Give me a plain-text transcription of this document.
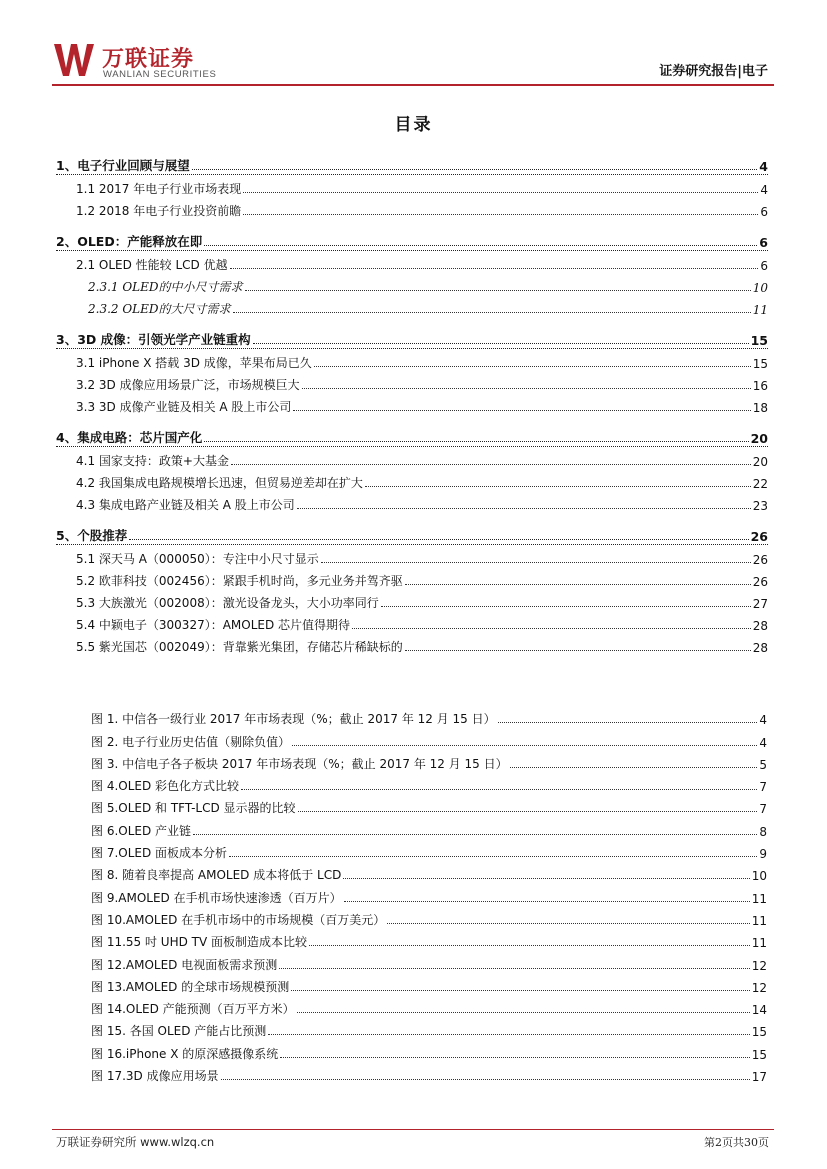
万联证券
WANLIAN SECURITIES	证券研究报告|电子
目录
1、电子行业回顾与展望	4
1.1 2017 年电子行业市场表现	4
1.2 2018 年电子行业投资前瞻	6
2、OLED：产能释放在即	6
2.1 OLED 性能较 LCD 优越	6
2.3.1 OLED的中小尺寸需求	10
2.3.2 OLED的大尺寸需求	11
3、3D 成像：引领光学产业链重构	15
3.1 iPhone X 搭载 3D 成像，苹果布局已久	15
3.2 3D 成像应用场景广泛，市场规模巨大	16
3.3 3D 成像产业链及相关 A 股上市公司	18
4、集成电路：芯片国产化	20
4.1 国家支持：政策+大基金	20
4.2 我国集成电路规模增长迅速，但贸易逆差却在扩大	22
4.3 集成电路产业链及相关 A 股上市公司	23
5、个股推荐	26
5.1 深天马 A（000050）：专注中小尺寸显示	26
5.2 欧菲科技（002456）：紧跟手机时尚，多元业务并驾齐驱	26
5.3 大族激光（002008）：激光设备龙头，大小功率同行	27
5.4 中颖电子（300327）：AMOLED 芯片值得期待	28
5.5 紫光国芯（002049）：背靠紫光集团，存储芯片稀缺标的	28
图 1. 中信各一级行业 2017 年市场表现（%；截止 2017 年 12 月 15 日）	4
图 2. 电子行业历史估值（剔除负值）	4
图 3. 中信电子各子板块 2017 年市场表现（%；截止 2017 年 12 月 15 日）	5
图 4.OLED 彩色化方式比较	7
图 5.OLED 和 TFT-LCD 显示器的比较	7
图 6.OLED 产业链	8
图 7.OLED 面板成本分析	9
图 8. 随着良率提高 AMOLED 成本将低于 LCD	10
图 9.AMOLED 在手机市场快速渗透（百万片）	11
图 10.AMOLED 在手机市场中的市场规模（百万美元）	11
图 11.55 吋 UHD TV 面板制造成本比较	11
图 12.AMOLED 电视面板需求预测	12
图 13.AMOLED 的全球市场规模预测	12
图 14.OLED 产能预测（百万平方米）	14
图 15. 各国 OLED 产能占比预测	15
图 16.iPhone X 的原深感摄像系统	15
图 17.3D 成像应用场景	17
万联证券研究所 www.wlzq.cn	第2页共30页
